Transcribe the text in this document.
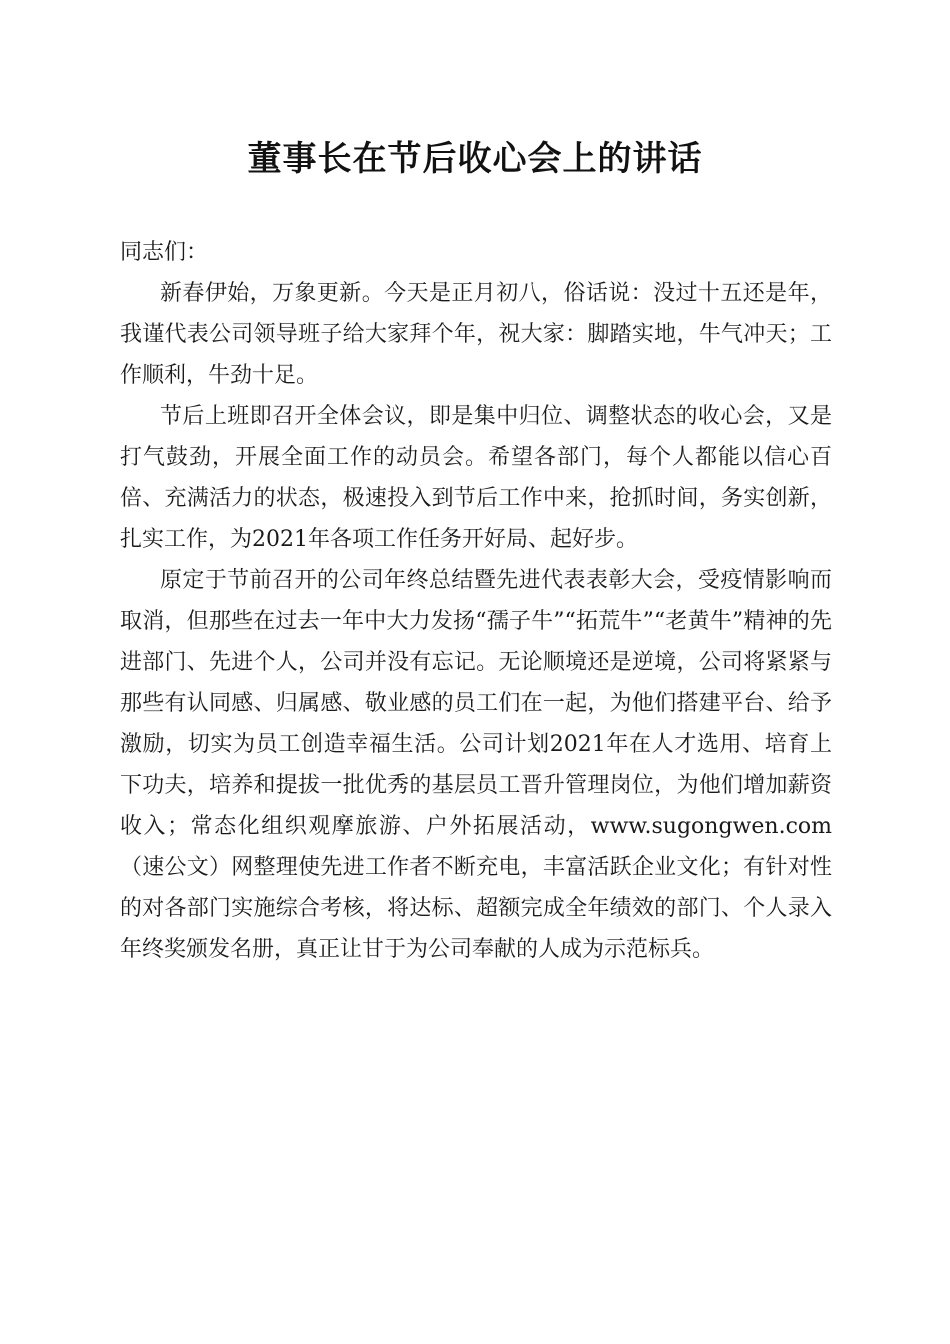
董事长在节后收心会上的讲话

同志们：

新春伊始，万象更新。今天是正月初八，俗话说：没过十五还是年，我谨代表公司领导班子给大家拜个年，祝大家：脚踏实地，牛气冲天；工作顺利，牛劲十足。

节后上班即召开全体会议，即是集中归位、调整状态的收心会，又是打气鼓劲，开展全面工作的动员会。希望各部门，每个人都能以信心百倍、充满活力的状态，极速投入到节后工作中来，抢抓时间，务实创新，扎实工作，为2021年各项工作任务开好局、起好步。

原定于节前召开的公司年终总结暨先进代表表彰大会，受疫情影响而取消，但那些在过去一年中大力发扬“孺子牛”“拓荒牛”“老黄牛”精神的先进部门、先进个人，公司并没有忘记。无论顺境还是逆境，公司将紧紧与那些有认同感、归属感、敬业感的员工们在一起，为他们搭建平台、给予激励，切实为员工创造幸福生活。公司计划2021年在人才选用、培育上下功夫，培养和提拔一批优秀的基层员工晋升管理岗位，为他们增加薪资收入；常态化组织观摩旅游、户外拓展活动，www.sugongwen.com（速公文）网整理使先进工作者不断充电，丰富活跃企业文化；有针对性的对各部门实施综合考核，将达标、超额完成全年绩效的部门、个人录入年终奖颁发名册，真正让甘于为公司奉献的人成为示范标兵。
